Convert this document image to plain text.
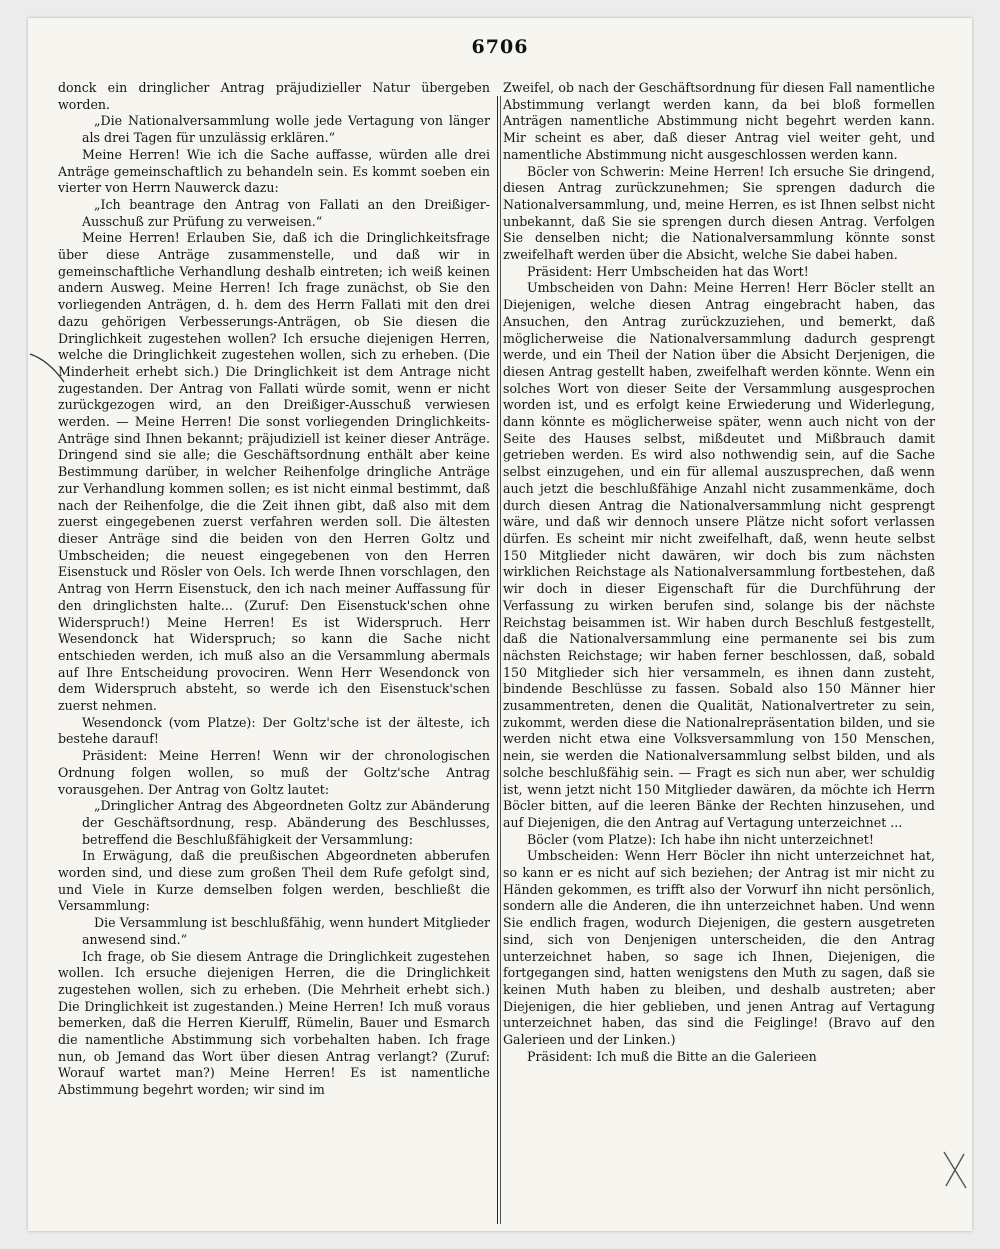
6706

donck ein dringlicher Antrag präjudizieller Natur übergeben worden.

„Die Nationalversammlung wolle jede Vertagung von länger als drei Tagen für unzulässig erklären.“

Meine Herren! Wie ich die Sache auffasse, würden alle drei Anträge gemeinschaftlich zu behandeln sein. Es kommt soeben ein vierter von Herrn Nauwerck dazu:

„Ich beantrage den Antrag von Fallati an den Dreißiger-Ausschuß zur Prüfung zu verweisen.“

Meine Herren! Erlauben Sie, daß ich die Dringlichkeitsfrage über diese Anträge zusammenstelle, und daß wir in gemeinschaftliche Verhandlung deshalb eintreten; ich weiß keinen andern Ausweg. Meine Herren! Ich frage zunächst, ob Sie den vorliegenden Anträgen, d. h. dem des Herrn Fallati mit den drei dazu gehörigen Verbesserungs-Anträgen, ob Sie diesen die Dringlichkeit zugestehen wollen? Ich ersuche diejenigen Herren, welche die Dringlichkeit zugestehen wollen, sich zu erheben. (Die Minderheit erhebt sich.) Die Dringlichkeit ist dem Antrage nicht zugestanden. Der Antrag von Fallati würde somit, wenn er nicht zurückgezogen wird, an den Dreißiger-Ausschuß verwiesen werden. — Meine Herren! Die sonst vorliegenden Dringlichkeits-Anträge sind Ihnen bekannt; präjudiziell ist keiner dieser Anträge. Dringend sind sie alle; die Geschäftsordnung enthält aber keine Bestimmung darüber, in welcher Reihenfolge dringliche Anträge zur Verhandlung kommen sollen; es ist nicht einmal bestimmt, daß nach der Reihenfolge, die die Zeit ihnen gibt, daß also mit dem zuerst eingegebenen zuerst verfahren werden soll. Die ältesten dieser Anträge sind die beiden von den Herren Goltz und Umbscheiden; die neuest eingegebenen von den Herren Eisenstuck und Rösler von Oels. Ich werde Ihnen vorschlagen, den Antrag von Herrn Eisenstuck, den ich nach meiner Auffassung für den dringlichsten halte... (Zuruf: Den Eisenstuck'schen ohne Widerspruch!) Meine Herren! Es ist Widerspruch. Herr Wesendonck hat Widerspruch; so kann die Sache nicht entschieden werden, ich muß also an die Versammlung abermals auf Ihre Entscheidung provociren. Wenn Herr Wesendonck von dem Widerspruch absteht, so werde ich den Eisenstuck'schen zuerst nehmen.

Wesendonck (vom Platze): Der Goltz'sche ist der älteste, ich bestehe darauf!

Präsident: Meine Herren! Wenn wir der chronologischen Ordnung folgen wollen, so muß der Goltz'sche Antrag vorausgehen. Der Antrag von Goltz lautet:

„Dringlicher Antrag des Abgeordneten Goltz zur Abänderung der Geschäftsordnung, resp. Abänderung des Beschlusses, betreffend die Beschlußfähigkeit der Versammlung:

In Erwägung, daß die preußischen Abgeordneten abberufen worden sind, und diese zum großen Theil dem Rufe gefolgt sind, und Viele in Kurze demselben folgen werden, beschließt die Versammlung:

Die Versammlung ist beschlußfähig, wenn hundert Mitglieder anwesend sind.“

Ich frage, ob Sie diesem Antrage die Dringlichkeit zugestehen wollen. Ich ersuche diejenigen Herren, die die Dringlichkeit zugestehen wollen, sich zu erheben. (Die Mehrheit erhebt sich.) Die Dringlichkeit ist zugestanden.) Meine Herren! Ich muß voraus bemerken, daß die Herren Kierulff, Rümelin, Bauer und Esmarch die namentliche Abstimmung sich vorbehalten haben. Ich frage nun, ob Jemand das Wort über diesen Antrag verlangt? (Zuruf: Worauf wartet man?) Meine Herren! Es ist namentliche Abstimmung begehrt worden; wir sind im

Zweifel, ob nach der Geschäftsordnung für diesen Fall namentliche Abstimmung verlangt werden kann, da bei bloß formellen Anträgen namentliche Abstimmung nicht begehrt werden kann. Mir scheint es aber, daß dieser Antrag viel weiter geht, und namentliche Abstimmung nicht ausgeschlossen werden kann.

Böcler von Schwerin: Meine Herren! Ich ersuche Sie dringend, diesen Antrag zurückzunehmen; Sie sprengen dadurch die Nationalversammlung, und, meine Herren, es ist Ihnen selbst nicht unbekannt, daß Sie sie sprengen durch diesen Antrag. Verfolgen Sie denselben nicht; die Nationalversammlung könnte sonst zweifelhaft werden über die Absicht, welche Sie dabei haben.

Präsident: Herr Umbscheiden hat das Wort!

Umbscheiden von Dahn: Meine Herren! Herr Böcler stellt an Diejenigen, welche diesen Antrag eingebracht haben, das Ansuchen, den Antrag zurückzuziehen, und bemerkt, daß möglicherweise die Nationalversammlung dadurch gesprengt werde, und ein Theil der Nation über die Absicht Derjenigen, die diesen Antrag gestellt haben, zweifelhaft werden könnte. Wenn ein solches Wort von dieser Seite der Versammlung ausgesprochen worden ist, und es erfolgt keine Erwiederung und Widerlegung, dann könnte es möglicherweise später, wenn auch nicht von der Seite des Hauses selbst, mißdeutet und Mißbrauch damit getrieben werden. Es wird also nothwendig sein, auf die Sache selbst einzugehen, und ein für allemal auszusprechen, daß wenn auch jetzt die beschlußfähige Anzahl nicht zusammenkäme, doch durch diesen Antrag die Nationalversammlung nicht gesprengt wäre, und daß wir dennoch unsere Plätze nicht sofort verlassen dürfen. Es scheint mir nicht zweifelhaft, daß, wenn heute selbst 150 Mitglieder nicht dawären, wir doch bis zum nächsten wirklichen Reichstage als Nationalversammlung fortbestehen, daß wir doch in dieser Eigenschaft für die Durchführung der Verfassung zu wirken berufen sind, solange bis der nächste Reichstag beisammen ist. Wir haben durch Beschluß festgestellt, daß die Nationalversammlung eine permanente sei bis zum nächsten Reichstage; wir haben ferner beschlossen, daß, sobald 150 Mitglieder sich hier versammeln, es ihnen dann zusteht, bindende Beschlüsse zu fassen. Sobald also 150 Männer hier zusammentreten, denen die Qualität, Nationalvertreter zu sein, zukommt, werden diese die Nationalrepräsentation bilden, und sie werden nicht etwa eine Volksversammlung von 150 Menschen, nein, sie werden die Nationalversammlung selbst bilden, und als solche beschlußfähig sein. — Fragt es sich nun aber, wer schuldig ist, wenn jetzt nicht 150 Mitglieder dawären, da möchte ich Herrn Böcler bitten, auf die leeren Bänke der Rechten hinzusehen, und auf Diejenigen, die den Antrag auf Vertagung unterzeichnet ...

Böcler (vom Platze): Ich habe ihn nicht unterzeichnet!

Umbscheiden: Wenn Herr Böcler ihn nicht unterzeichnet hat, so kann er es nicht auf sich beziehen; der Antrag ist mir nicht zu Händen gekommen, es trifft also der Vorwurf ihn nicht persönlich, sondern alle die Anderen, die ihn unterzeichnet haben. Und wenn Sie endlich fragen, wodurch Diejenigen, die gestern ausgetreten sind, sich von Denjenigen unterscheiden, die den Antrag unterzeichnet haben, so sage ich Ihnen, Diejenigen, die fortgegangen sind, hatten wenigstens den Muth zu sagen, daß sie keinen Muth haben zu bleiben, und deshalb austreten; aber Diejenigen, die hier geblieben, und jenen Antrag auf Vertagung unterzeichnet haben, das sind die Feiglinge! (Bravo auf den Galerieen und der Linken.)

Präsident: Ich muß die Bitte an die Galerieen
